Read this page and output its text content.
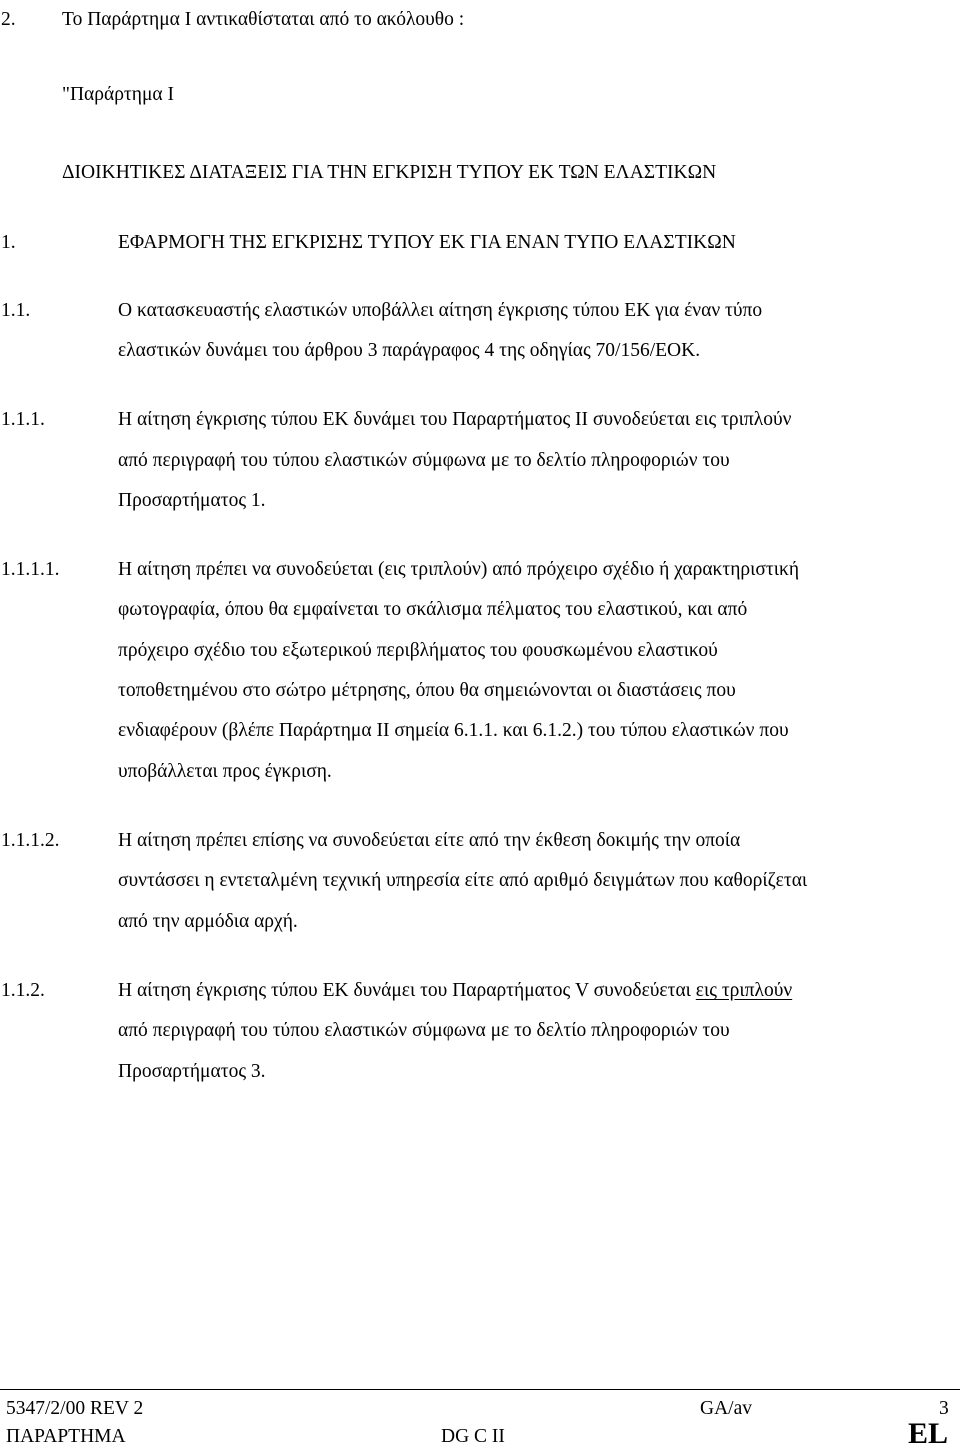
2. Το Παράρτημα Ι αντικαθίσταται από το ακόλουθο :
"Παράρτημα Ι
ΔΙΟΙΚΗΤΙΚΕΣ ΔΙΑΤΑΞΕΙΣ ΓΙΑ ΤΗΝ ΕΓΚΡΙΣΗ ΤΥΠΟΥ ΕΚ ΤΩΝ ΕΛΑΣΤΙΚΩΝ
1.	ΕΦΑΡΜΟΓΗ ΤΗΣ ΕΓΚΡΙΣΗΣ ΤΥΠΟΥ ΕΚ ΓΙΑ ΕΝΑΝ ΤΥΠΟ ΕΛΑΣΤΙΚΩΝ
1.1.	Ο κατασκευαστής ελαστικών υποβάλλει αίτηση έγκρισης τύπου ΕΚ για έναν τύπο
ελαστικών δυνάμει του άρθρου 3 παράγραφος 4 της οδηγίας 70/156/ΕΟΚ.
1.1.1.	Η αίτηση έγκρισης τύπου ΕΚ δυνάμει του Παραρτήματος ΙΙ συνοδεύεται εις τριπλούν
από περιγραφή του τύπου ελαστικών σύμφωνα με το δελτίο πληροφοριών του
Προσαρτήματος 1.
1.1.1.1.	Η αίτηση πρέπει να συνοδεύεται (εις τριπλούν) από πρόχειρο σχέδιο ή χαρακτηριστική
φωτογραφία, όπου θα εμφαίνεται το σκάλισμα πέλματος του ελαστικού, και από
πρόχειρο σχέδιο του εξωτερικού περιβλήματος του φουσκωμένου ελαστικού
τοποθετημένου στο σώτρο μέτρησης, όπου θα σημειώνονται οι διαστάσεις που
ενδιαφέρουν (βλέπε Παράρτημα ΙΙ σημεία 6.1.1. και 6.1.2.) του τύπου ελαστικών που
υποβάλλεται προς έγκριση.
1.1.1.2.	Η αίτηση πρέπει επίσης να συνοδεύεται είτε από την έκθεση δοκιμής την οποία
συντάσσει η εντεταλμένη τεχνική υπηρεσία είτε από αριθμό δειγμάτων που καθορίζεται
από την αρμόδια αρχή.
1.1.2.	Η αίτηση έγκρισης τύπου ΕΚ δυνάμει του Παραρτήματος V συνοδεύεται εις τριπλούν
από περιγραφή του τύπου ελαστικών σύμφωνα με το δελτίο πληροφοριών του
Προσαρτήματος 3.
5347/2/00 REV 2	GA/av	3
ΠΑΡΑΡΤΗΜΑ	DG C II	EL
